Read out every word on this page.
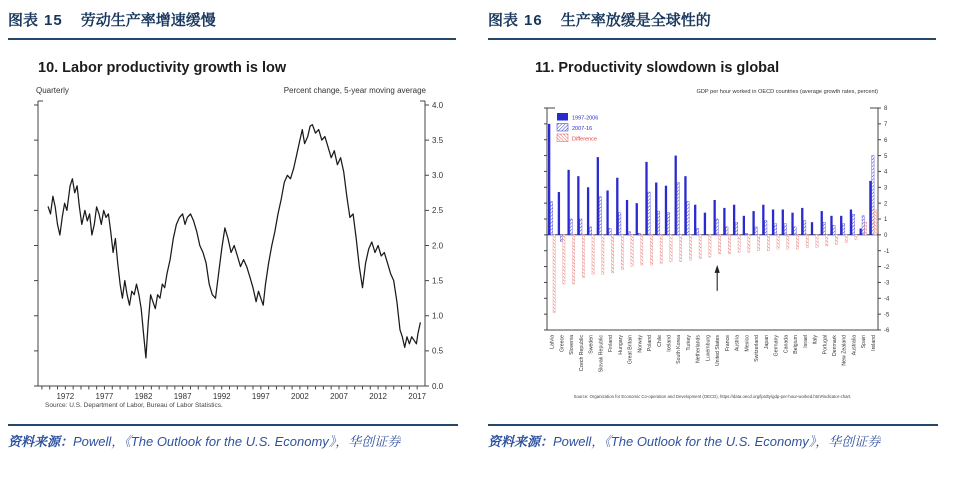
图表 15 劳动生产率增速缓慢
10. Labor productivity growth is low
Quarterly	Percent change, 5-year moving average
0.0
0.5
1.0
1.5
2.0
2.5
3.0
3.5
4.0
1972	1977	1982	1987	1992	1997	2002	2007	2012	2017
Source: U.S. Department of Labor, Bureau of Labor Statistics.
资料来源：Powell，《The Outlook for the U.S. Economy》，华创证券
图表 16 生产率放缓是全球性的
11. Productivity slowdown is global
GDP per hour worked in OECD countries (average growth rates, percent)
8
7
6
5
4
3
2
1
0
-1
-2
-3
-4
-5
-6
Latvia Greece Slovenia Czech Republic Sweden Slovak Republic Finland Hungary Great Britain Norway Poland Chile Iceland South Korea Turkey Netherlands Luxemburg United States France Austria Mexico Switzerland Japan Germany Canada Belgium Israel Italy Portugal Denmark New Zealand Australia Spain Ireland
1997-2006
2007-16
Difference
Source: Organization for Economic Co-operation and Development (OECD), https://data.oecd.org/lprdty/gdp-per-hour-worked.htm#indicator-chart.
资料来源：Powell，《The Outlook for the U.S. Economy》，华创证券
